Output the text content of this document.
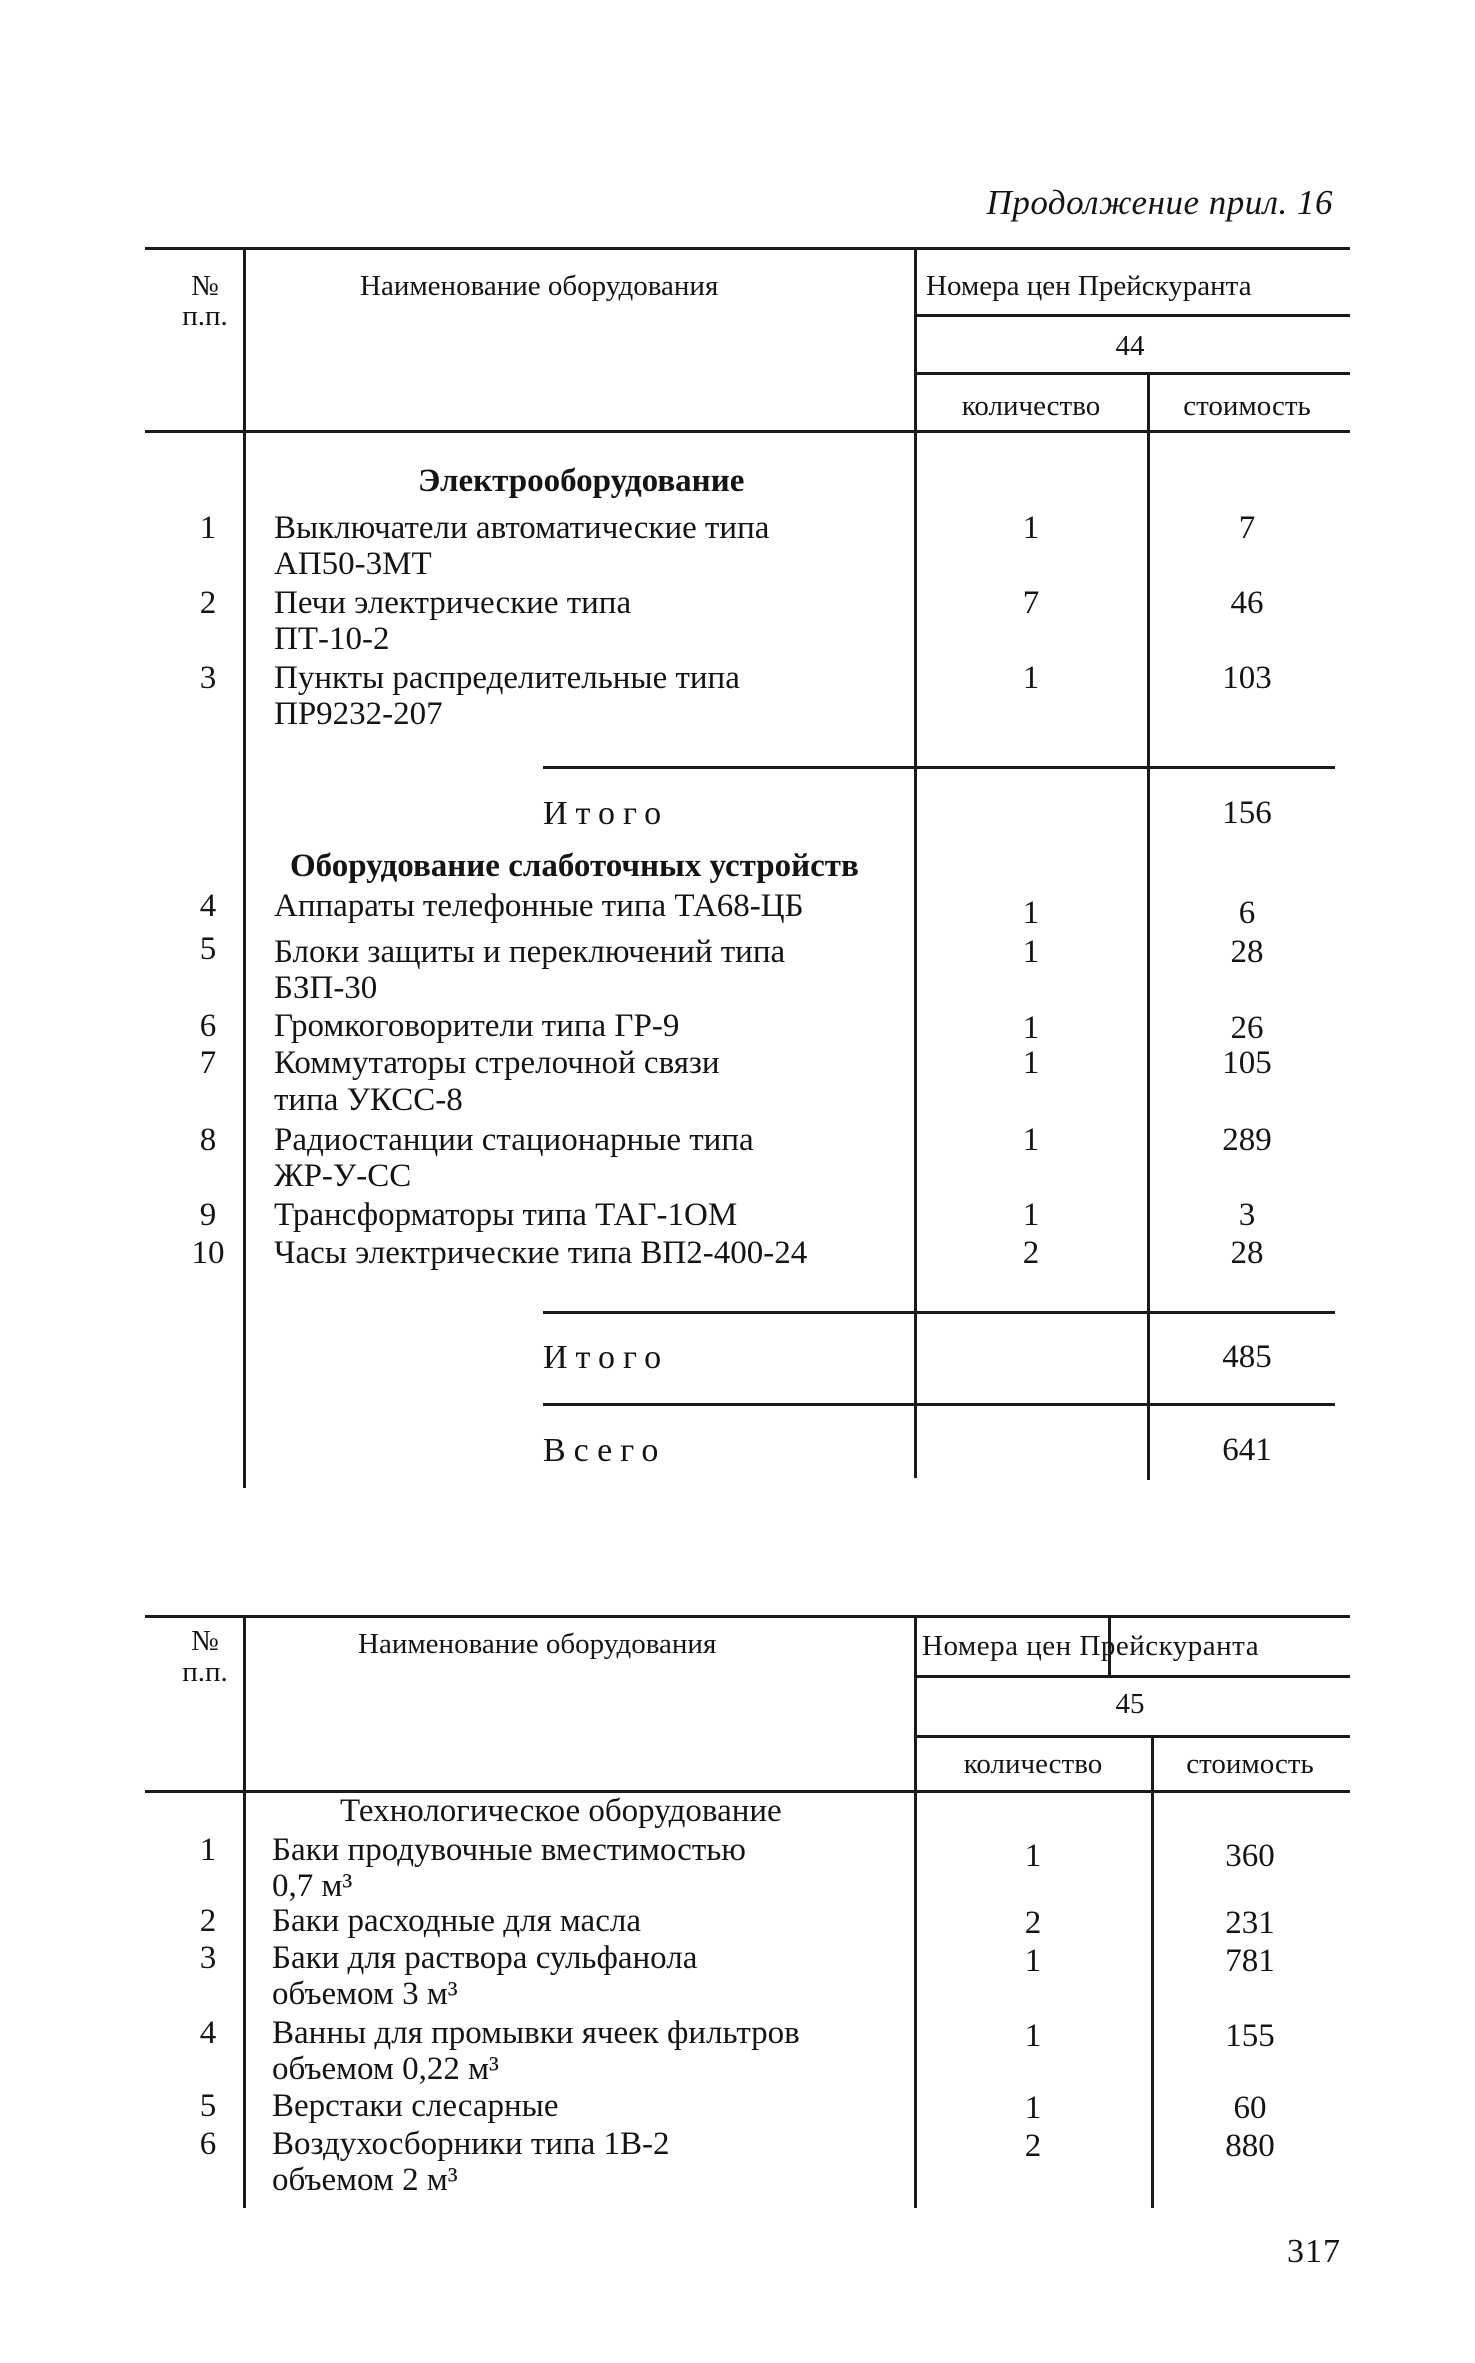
Продолжение прил. 16
№
п.п.
Наименование оборудования	Номера цен Прейскуранта
44
количество	стоимость
Электрооборудование
1	Выключатели автоматические типа
АП50-3МТ
1	7
2	Печи электрические типа
ПТ-10-2
7	46
3	Пункты распределительные типа
ПР9232-207
1	103
Итого	156
Оборудование слаботочных устройств
4	Аппараты телефонные типа ТА68-ЦБ	1	6
5	Блоки защиты и переключений типа
БЗП-30
1	28
6	Громкоговорители типа ГР-9	1	26
7	Коммутаторы стрелочной связи
типа УКСС-8
1	105
8	Радиостанции стационарные типа
ЖР-У-СС
1	289
9	Трансформаторы типа ТАГ-1ОМ	1	3
10	Часы электрические типа ВП2-400-24	2	28
Итого	485
Всего	641
№
п.п.
Наименование оборудования	Номера цен Прейскуранта
45
количество	стоимость
Технологическое оборудование
1	Баки продувочные вместимостью
0,7 м³
1	360
2	Баки расходные для масла	2	231
3	Баки для раствора сульфанола
объемом 3 м³
1	781
4	Ванны для промывки ячеек фильтров
объемом 0,22 м³
1	155
5	Верстаки слесарные	1	60
6	Воздухосборники типа 1В-2
объемом 2 м³
2	880
317
